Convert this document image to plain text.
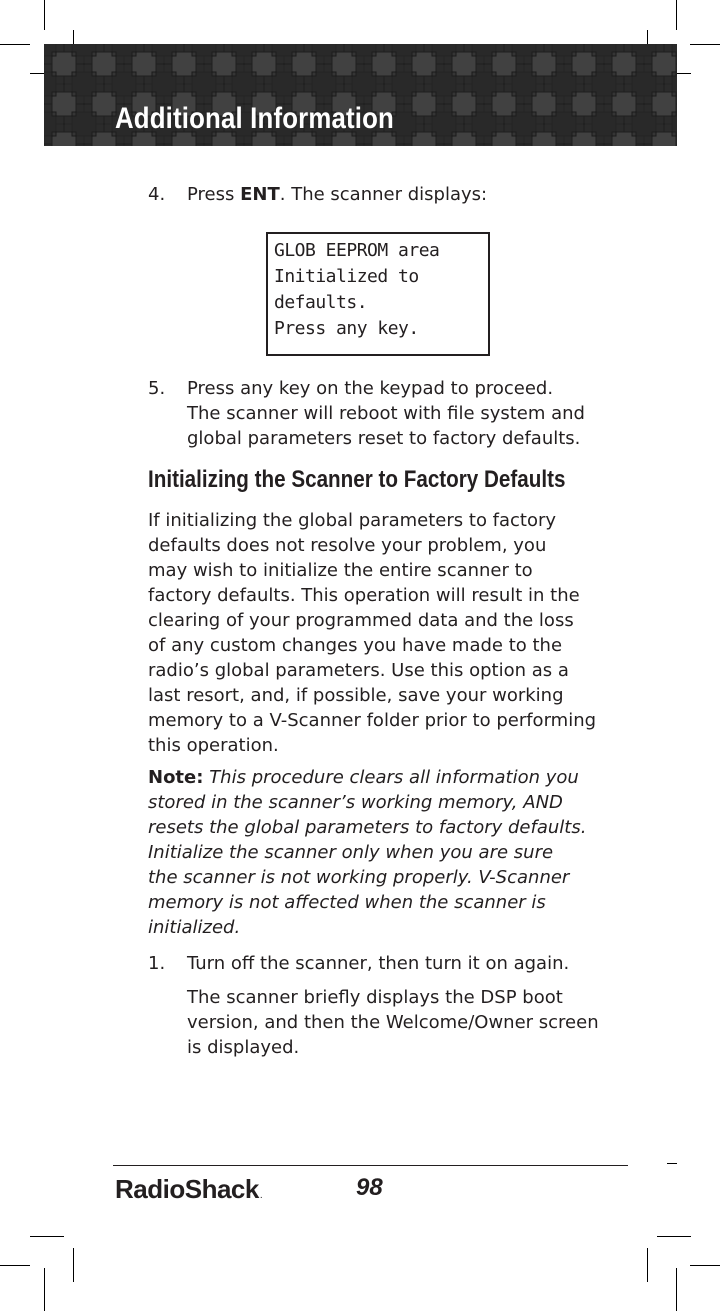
Additional Information
4. Press ENT. The scanner displays:
GLOB EEPROM area
Initialized to
defaults.
Press any key.
5. Press any key on the keypad to proceed.
The scanner will reboot with file system and
global parameters reset to factory defaults.
Initializing the Scanner to Factory Defaults
If initializing the global parameters to factory
defaults does not resolve your problem, you
may wish to initialize the entire scanner to
factory defaults. This operation will result in the
clearing of your programmed data and the loss
of any custom changes you have made to the
radio’s global parameters. Use this option as a
last resort, and, if possible, save your working
memory to a V-Scanner folder prior to performing
this operation.
Note: This procedure clears all information you
stored in the scanner’s working memory, AND
resets the global parameters to factory defaults.
Initialize the scanner only when you are sure
the scanner is not working properly. V-Scanner
memory is not affected when the scanner is
initialized.
1. Turn off the scanner, then turn it on again.
The scanner briefly displays the DSP boot
version, and then the Welcome/Owner screen
is displayed.
RadioShack.	98
